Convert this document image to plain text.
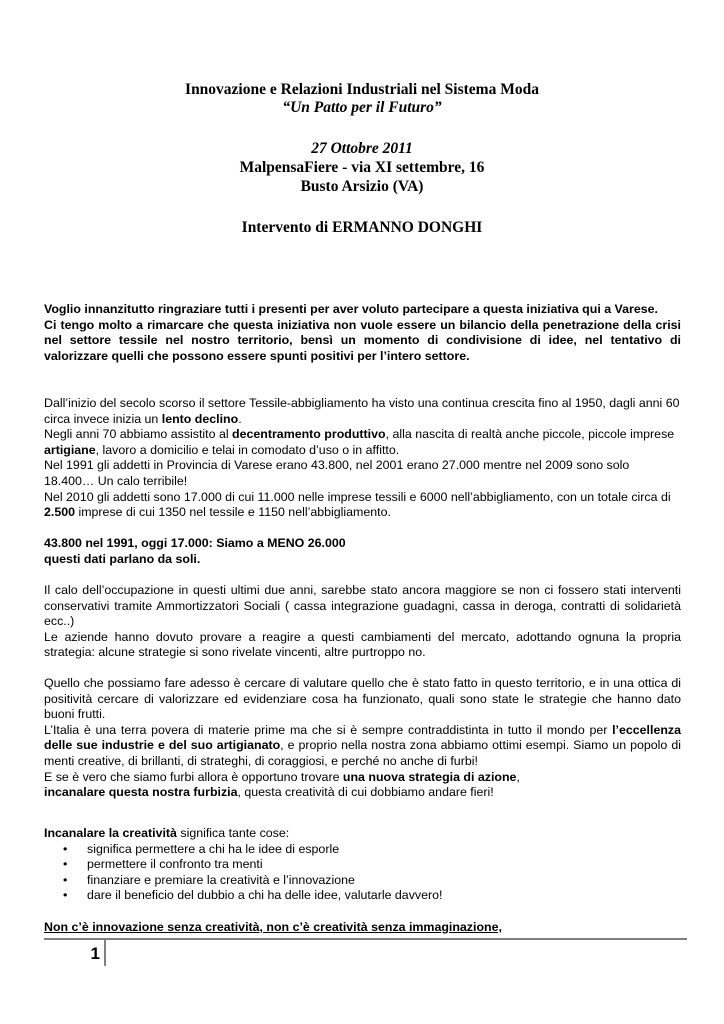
Innovazione e Relazioni Industriali nel Sistema Moda
“Un Patto per il Futuro”
27 Ottobre 2011
MalpensaFiere - via XI settembre, 16
Busto Arsizio (VA)
Intervento di ERMANNO DONGHI

Voglio innanzitutto ringraziare tutti i presenti per aver voluto partecipare a questa iniziativa qui a Varese.

Ci tengo molto a rimarcare che questa iniziativa non vuole essere un bilancio della penetrazione della crisi nel settore tessile nel nostro territorio, bensì un momento di condivisione di idee, nel tentativo di valorizzare quelli che possono essere spunti positivi per l’intero settore.

Dall’inizio del secolo scorso il settore Tessile-abbigliamento ha visto una continua crescita fino al 1950, dagli anni 60 circa invece inizia un lento declino.

Negli anni 70 abbiamo assistito al decentramento produttivo, alla nascita di realtà anche piccole, piccole imprese artigiane, lavoro a domicilio e telai in comodato d’uso o in affitto.

Nel 1991 gli addetti in Provincia di Varese erano 43.800, nel 2001 erano 27.000 mentre nel 2009 sono solo 18.400… Un calo terribile!

Nel 2010 gli addetti sono 17.000 di cui 11.000 nelle imprese tessili e 6000 nell’abbigliamento, con un totale circa di 2.500 imprese di cui 1350 nel tessile e 1150 nell’abbigliamento.

43.800 nel 1991, oggi 17.000: Siamo a MENO 26.000

questi dati parlano da soli.

Il calo dell’occupazione in questi ultimi due anni, sarebbe stato ancora maggiore se non ci fossero stati interventi conservativi tramite Ammortizzatori Sociali ( cassa integrazione guadagni, cassa in deroga, contratti di solidarietà ecc..)

Le aziende hanno dovuto provare a reagire a questi cambiamenti del mercato, adottando ognuna la propria strategia: alcune strategie si sono rivelate vincenti, altre purtroppo no.

Quello che possiamo fare adesso è cercare di valutare quello che è stato fatto in questo territorio, e in una ottica di positività cercare di valorizzare ed evidenziare cosa ha funzionato, quali sono state le strategie che hanno dato buoni frutti.

L’Italia è una terra povera di materie prime ma che si è sempre contraddistinta in tutto il mondo per l’eccellenza delle sue industrie e del suo artigianato, e proprio nella nostra zona abbiamo ottimi esempi. Siamo un popolo di menti creative, di brillanti, di strateghi, di coraggiosi, e perché no anche di furbi!

E se è vero che siamo furbi allora è opportuno trovare una nuova strategia di azione,

incanalare questa nostra furbizia, questa creatività di cui dobbiamo andare fieri!

Incanalare la creatività significa tante cose:

• significa permettere a chi ha le idee di esporle
• permettere il confronto tra menti
• finanziare e premiare la creatività e l’innovazione
• dare il beneficio del dubbio a chi ha delle idee, valutarle davvero!
Non c’è innovazione senza creatività, non c’è creatività senza immaginazione,
1
